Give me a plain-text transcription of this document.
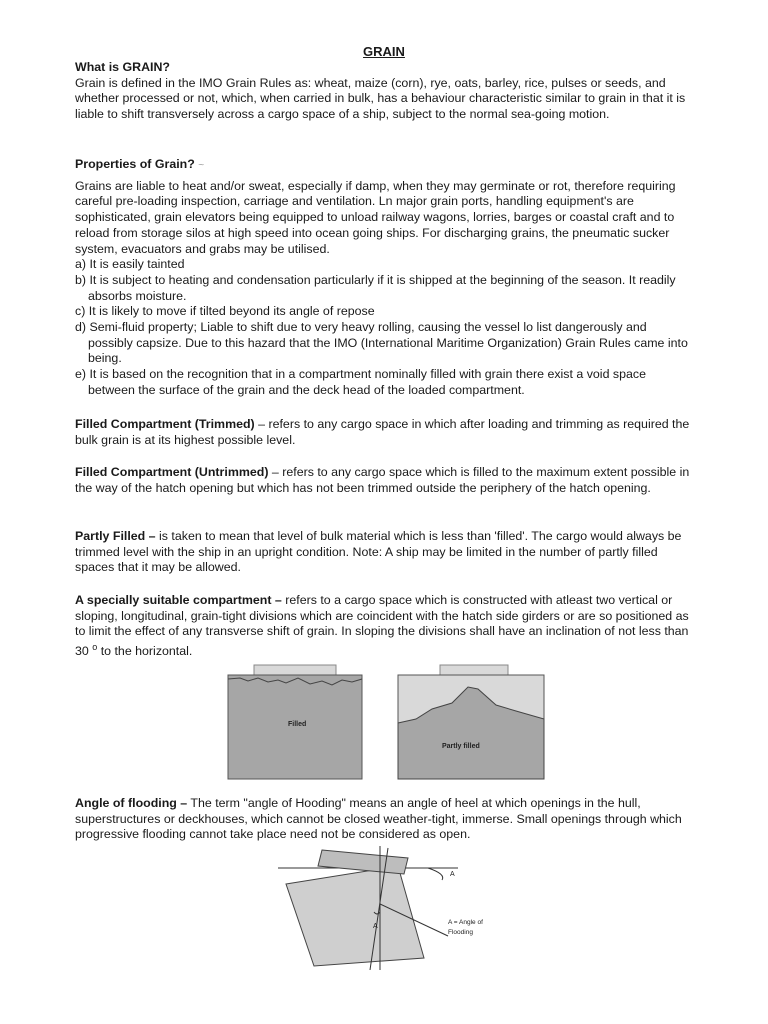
GRAIN
What is GRAIN?
Grain is defined in the IMO Grain Rules as: wheat, maize (corn), rye, oats, barley, rice, pulses or seeds, and whether processed or not, which, when carried in bulk, has a behaviour characteristic similar to grain in that it is liable to shift transversely across a cargo space of a ship, subject to the normal sea-going motion.
Properties of Grain? ~
Grains are liable to heat and/or sweat, especially if damp, when they may germinate or rot, therefore requiring careful pre-loading inspection, carriage and ventilation. Ln major grain ports, handling equipment's are sophisticated, grain elevators being equipped to unload railway wagons, lorries, barges or coastal craft and to reload from storage silos at high speed into ocean going ships. For discharging grains, the pneumatic sucker system, evacuators and grabs may be utilised.
a) It is easily tainted
b) It is subject to heating and condensation particularly if it is shipped at the beginning of the season. It readily absorbs moisture.
c) It is likely to move if tilted beyond its angle of repose
d) Semi-fluid property; Liable to shift due to very heavy rolling, causing the vessel lo list dangerously and possibly capsize. Due to this hazard that the IMO (International Maritime Organization) Grain Rules came into being.
e) It is based on the recognition that in a compartment nominally filled with grain there exist a void space between the surface of the grain and the deck head of the loaded compartment.
Filled Compartment (Trimmed) – refers to any cargo space in which after loading and trimming as required the bulk grain is at its highest possible level.
Filled Compartment (Untrimmed) – refers to any cargo space which is filled to the maximum extent possible in the way of the hatch opening but which has not been trimmed outside the periphery of the hatch opening.
Partly Filled – is taken to mean that level of bulk material which is less than 'filled'. The cargo would always be trimmed level with the ship in an upright condition. Note: A ship may be limited in the number of partly filled spaces that it may be allowed.
A specially suitable compartment – refers to a cargo space which is constructed with atleast two vertical or sloping, longitudinal, grain-tight divisions which are coincident with the hatch side girders or are so positioned as to limit the effect of any transverse shift of grain. In sloping the divisions shall have an inclination of not less than 30 $^o$ to the horizontal.
Filled
Partly filled
Angle of flooding – The term "angle of Hooding" means an angle of heel at which openings in the hull, superstructures or deckhouses, which cannot be closed weather-tight, immerse. Small openings through which progressive flooding cannot take place need not be considered as open.
A
A
A = Angle of
Flooding
